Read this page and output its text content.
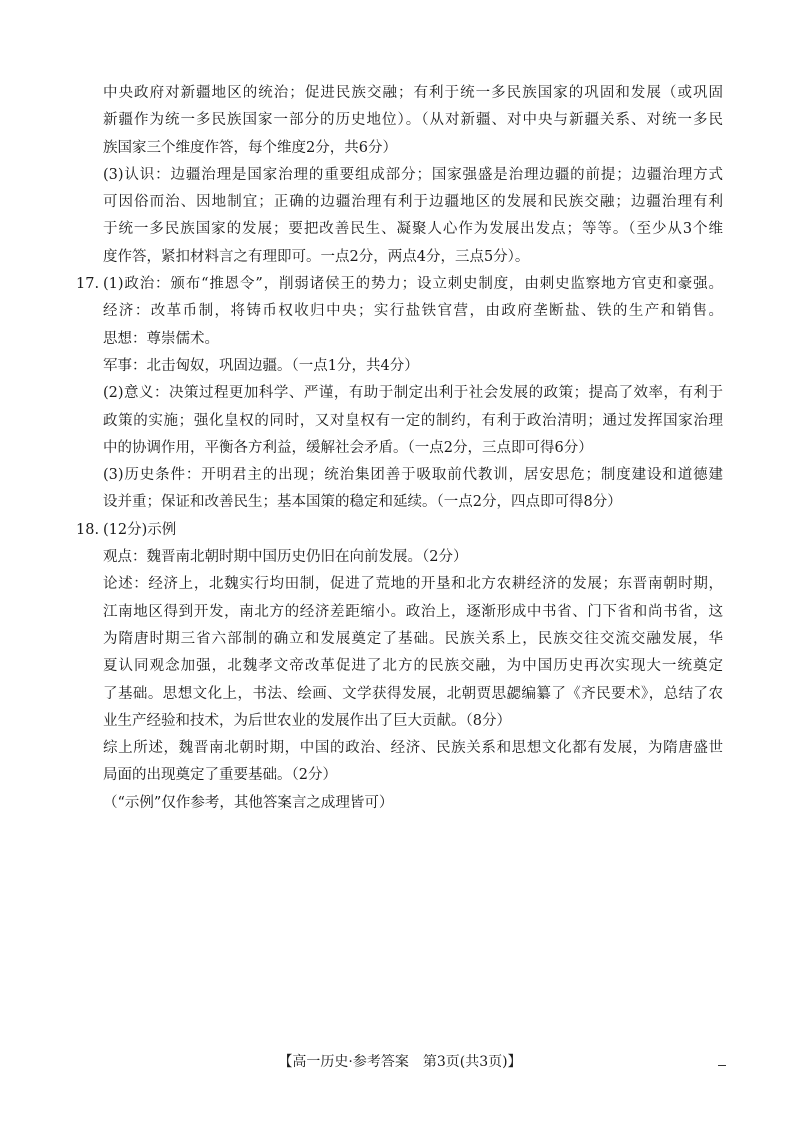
中央政府对新疆地区的统治；促进民族交融；有利于统一多民族国家的巩固和发展（或巩固
新疆作为统一多民族国家一部分的历史地位）。（从对新疆、对中央与新疆关系、对统一多民
族国家三个维度作答，每个维度2分，共6分）
(3)认识：边疆治理是国家治理的重要组成部分；国家强盛是治理边疆的前提；边疆治理方式
可因俗而治、因地制宜；正确的边疆治理有利于边疆地区的发展和民族交融；边疆治理有利
于统一多民族国家的发展；要把改善民生、凝聚人心作为发展出发点；等等。（至少从3个维
度作答，紧扣材料言之有理即可。一点2分，两点4分，三点5分）。
17. (1)政治：颁布“推恩令”，削弱诸侯王的势力；设立刺史制度，由刺史监察地方官吏和豪强。
经济：改革币制，将铸币权收归中央；实行盐铁官营，由政府垄断盐、铁的生产和销售。
思想：尊崇儒术。
军事：北击匈奴，巩固边疆。（一点1分，共4分）
(2)意义：决策过程更加科学、严谨，有助于制定出利于社会发展的政策；提高了效率，有利于
政策的实施；强化皇权的同时，又对皇权有一定的制约，有利于政治清明；通过发挥国家治理
中的协调作用，平衡各方利益，缓解社会矛盾。（一点2分，三点即可得6分）
(3)历史条件：开明君主的出现；统治集团善于吸取前代教训，居安思危；制度建设和道德建
设并重；保证和改善民生；基本国策的稳定和延续。（一点2分，四点即可得8分）
18. (12分)示例
观点：魏晋南北朝时期中国历史仍旧在向前发展。（2分）
论述：经济上，北魏实行均田制，促进了荒地的开垦和北方农耕经济的发展；东晋南朝时期，
江南地区得到开发，南北方的经济差距缩小。政治上，逐渐形成中书省、门下省和尚书省，这
为隋唐时期三省六部制的确立和发展奠定了基础。民族关系上，民族交往交流交融发展，华
夏认同观念加强，北魏孝文帝改革促进了北方的民族交融，为中国历史再次实现大一统奠定
了基础。思想文化上，书法、绘画、文学获得发展，北朝贾思勰编纂了《齐民要术》，总结了农
业生产经验和技术，为后世农业的发展作出了巨大贡献。（8分）
综上所述，魏晋南北朝时期，中国的政治、经济、民族关系和思想文化都有发展，为隋唐盛世
局面的出现奠定了重要基础。（2分）
（“示例”仅作参考，其他答案言之成理皆可）
【高一历史·参考答案　第3页(共3页)】
